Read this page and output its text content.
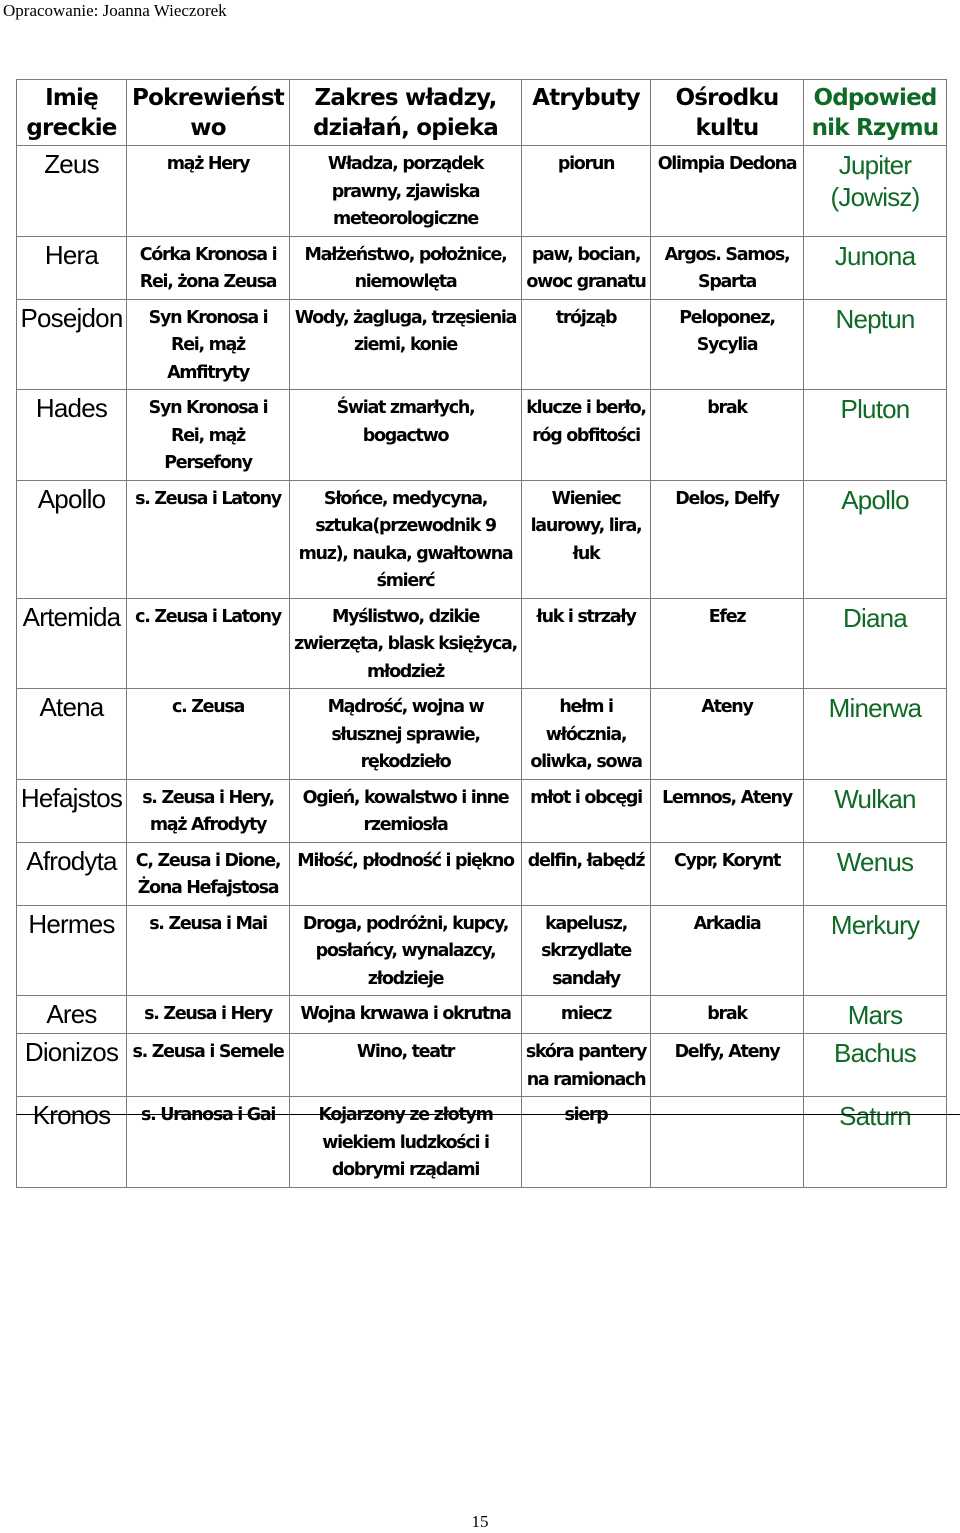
Opracowanie: Joanna Wieczorek
Imię greckie	Pokrewieństwo	Zakres władzy, działań, opieka	Atrybuty	Ośrodku kultu	Odpowiednik Rzymu
Zeus	mąż Hery	Władza, porządek prawny, zjawiska meteorologiczne	piorun	Olimpia Dedona	Jupiter (Jowisz)
Hera	Córka Kronosa i Rei, żona Zeusa	Małżeństwo, położnice, niemowlęta	paw, bocian, owoc granatu	Argos. Samos, Sparta	Junona
Posejdon	Syn Kronosa i Rei, mąż Amfitryty	Wody, żagluga, trzęsienia ziemi, konie	trójząb	Peloponez, Sycylia	Neptun
Hades	Syn Kronosa i Rei, mąż Persefony	Świat zmarłych, bogactwo	klucze i berło, róg obfitości	brak	Pluton
Apollo	s. Zeusa i Latony	Słońce, medycyna, sztuka(przewodnik 9 muz), nauka, gwałtowna śmierć	Wieniec laurowy, lira, łuk	Delos, Delfy	Apollo
Artemida	c. Zeusa i Latony	Myślistwo, dzikie zwierzęta, blask księżyca, młodzież	łuk i strzały	Efez	Diana
Atena	c. Zeusa	Mądrość, wojna w słusznej sprawie, rękodzieło	hełm i włócznia, oliwka, sowa	Ateny	Minerwa
Hefajstos	s. Zeusa i Hery, mąż Afrodyty	Ogień, kowalstwo i inne rzemiosła	młot i obcęgi	Lemnos, Ateny	Wulkan
Afrodyta	C, Zeusa i Dione, Żona Hefajstosa	Miłość, płodność i piękno	delfin, łabędź	Cypr, Korynt	Wenus
Hermes	s. Zeusa i Mai	Droga, podróżni, kupcy, posłańcy, wynalazcy, złodzieje	kapelusz, skrzydlate sandały	Arkadia	Merkury
Ares	s. Zeusa i Hery	Wojna krwawa i okrutna	miecz	brak	Mars
Dionizos	s. Zeusa i Semele	Wino, teatr	skóra pantery na ramionach	Delfy, Ateny	Bachus
Kronos	s. Uranosa i Gai	Kojarzony ze złotym wiekiem ludzkości i dobrymi rządami	sierp		Saturn
15
